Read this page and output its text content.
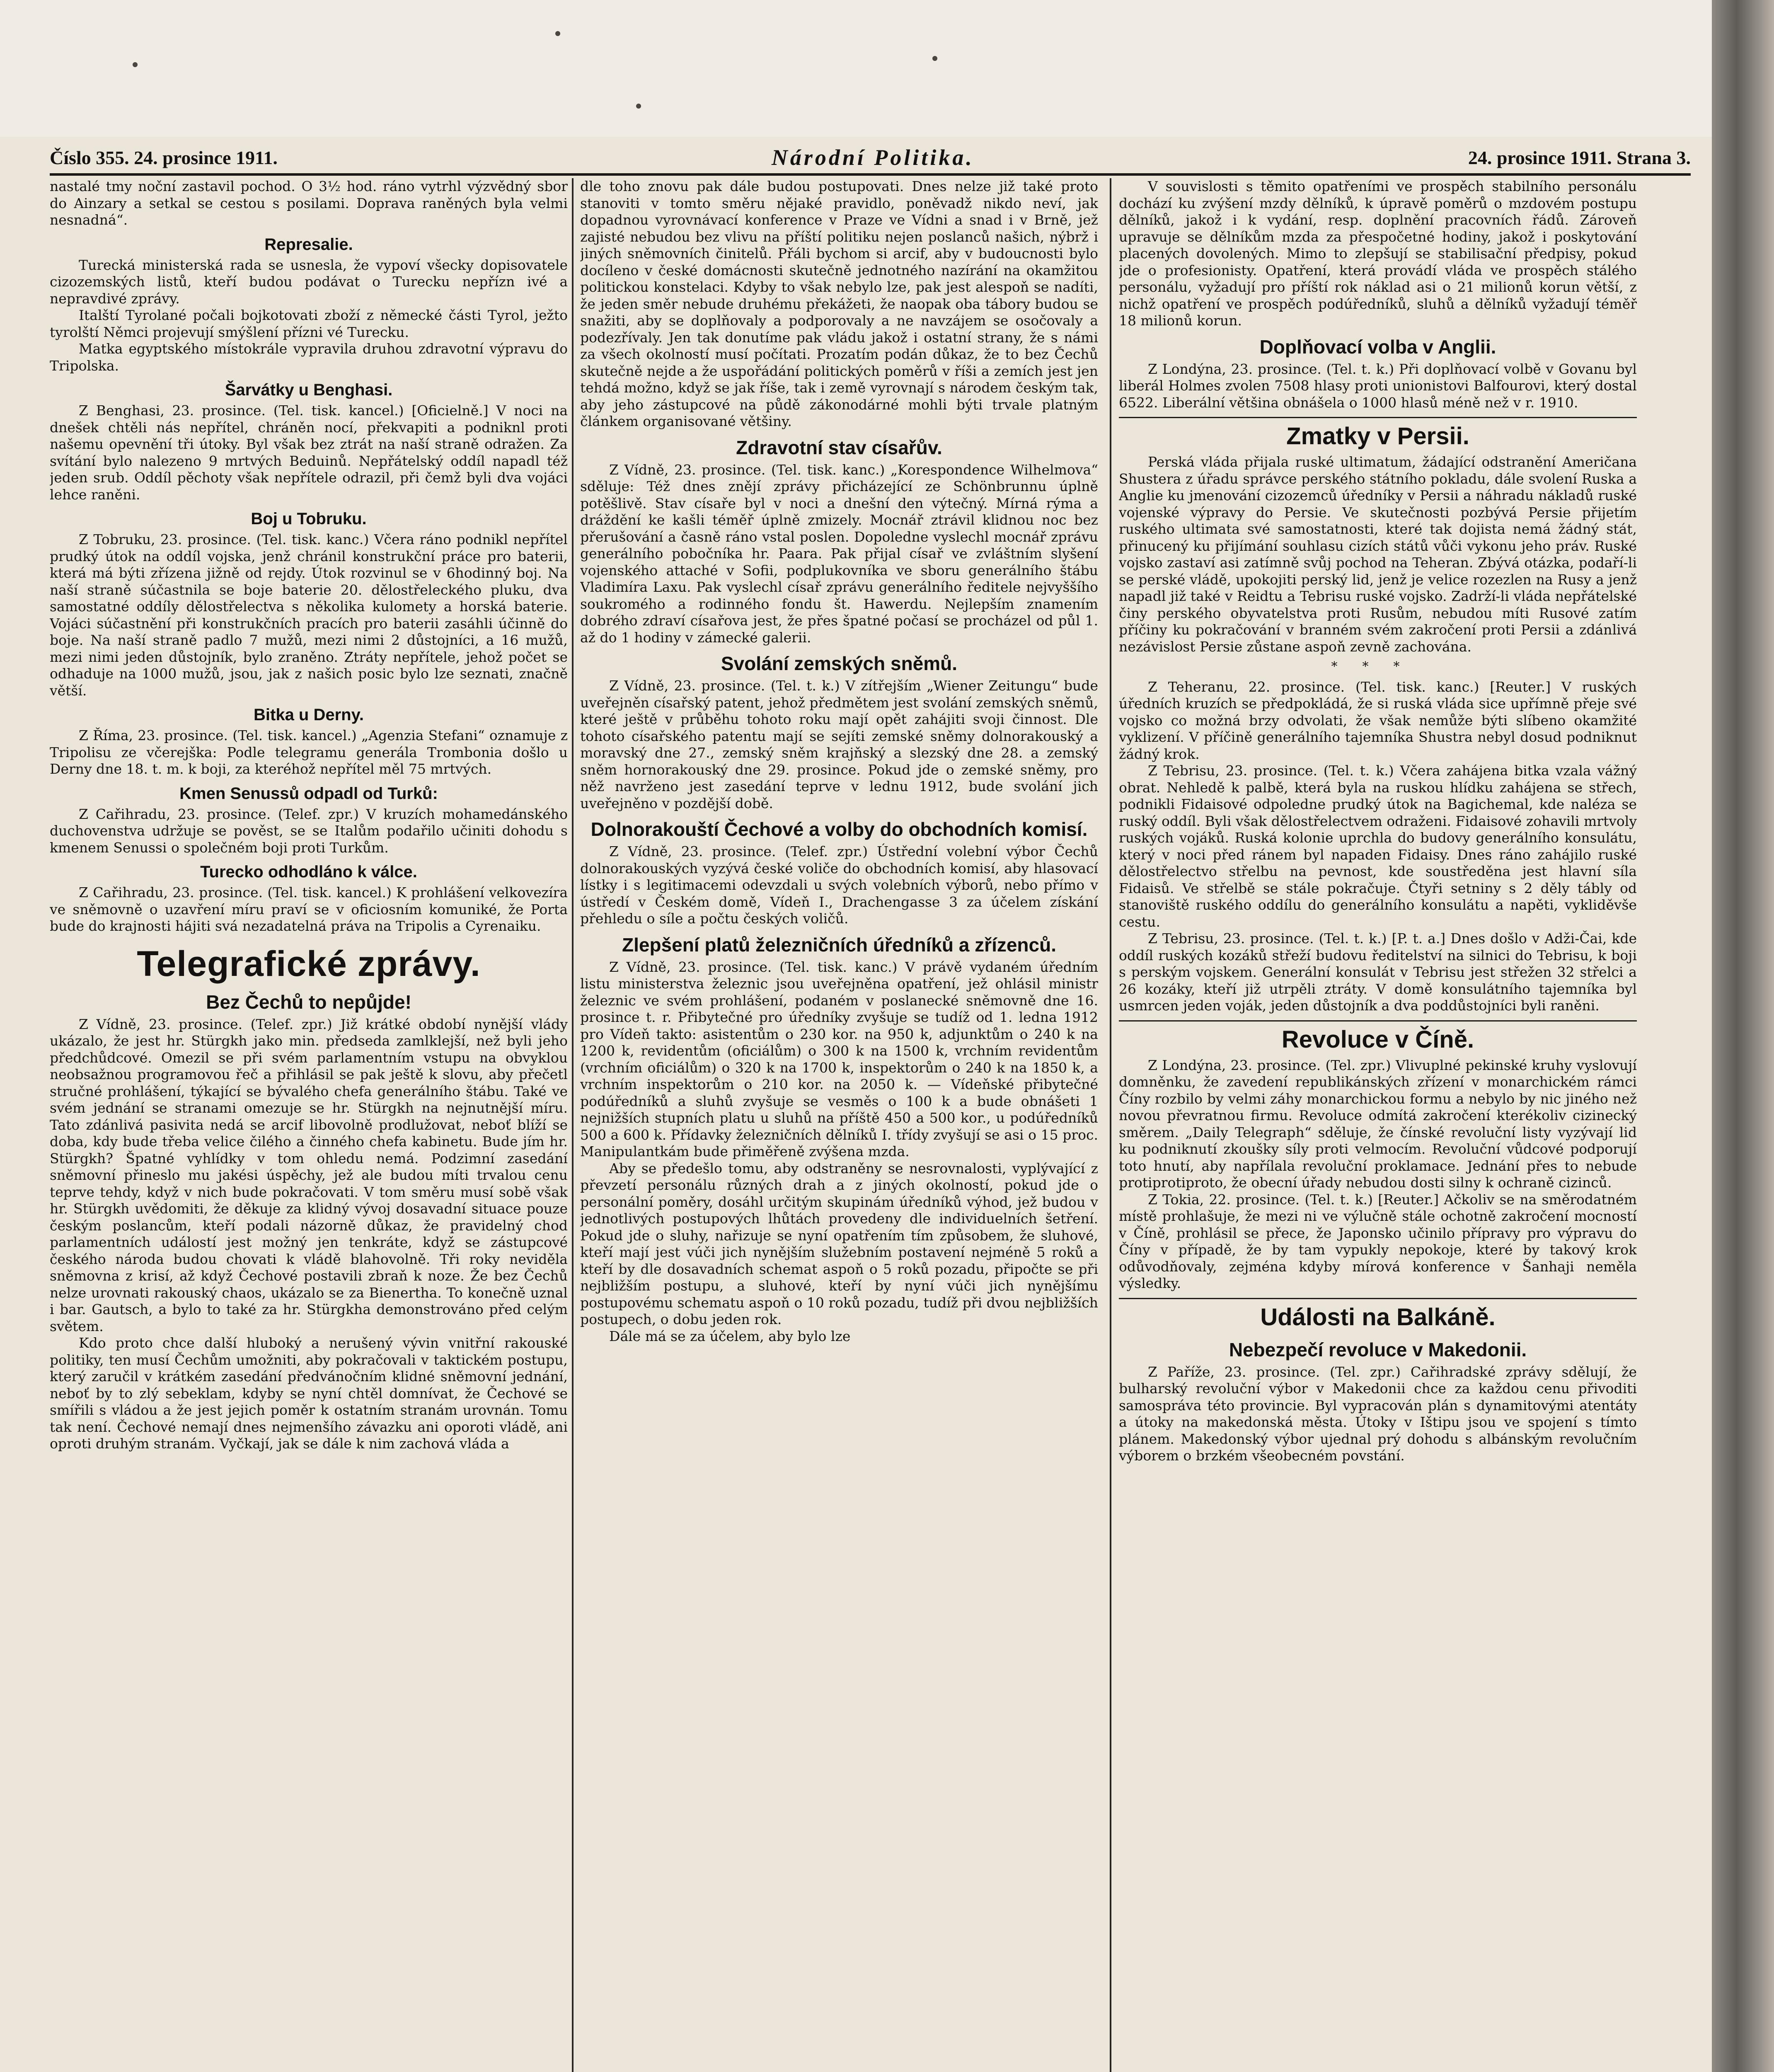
Číslo 355. 24. prosince 1911.	Národní Politika.	24. prosince 1911. Strana 3.

nastalé tmy noční zastavil pochod. O 3½ hod. ráno vytrhl výzvědný sbor do Ainzary a setkal se cestou s posilami. Doprava raněných byla velmi nesnadná“.

Represalie.

Turecká ministerská rada se usnesla, že vypoví všecky dopisovatele cizozemských listů, kteří budou podávat o Turecku nepřízn ivé a nepravdivé zprávy.

Italští Tyrolané počali bojkotovati zboží z německé části Tyrol, ježto tyrolští Němci projevují smýšlení přízni vé Turecku.

Matka egyptského místokrále vypravila druhou zdravotní výpravu do Tripolska.

Šarvátky u Benghasi.

Z Benghasi, 23. prosince. (Tel. tisk. kancel.) [Oficielně.] V noci na dnešek chtěli nás nepřítel, chráněn nocí, překvapiti a podniknl proti našemu opevnění tři útoky. Byl však bez ztrát na naší straně odražen. Za svítání bylo nalezeno 9 mrtvých Beduinů. Nepřátelský oddíl napadl též jeden srub. Oddíl pěchoty však nepřítele odrazil, při čemž byli dva vojáci lehce raněni.

Boj u Tobruku.

Z Tobruku, 23. prosince. (Tel. tisk. kanc.) Včera ráno podnikl nepřítel prudký útok na oddíl vojska, jenž chránil konstrukční práce pro baterii, která má býti zřízena jižně od rejdy. Útok rozvinul se v 6hodinný boj. Na naší straně súčastnila se boje baterie 20. dělostřeleckého pluku, dva samostatné oddíly dělostřelectva s několika kulomety a horská baterie. Vojáci súčastnění při konstrukčních pracích pro baterii zasáhli účinně do boje. Na naší straně padlo 7 mužů, mezi nimi 2 důstojníci, a 16 mužů, mezi nimi jeden důstojník, bylo zraněno. Ztráty nepřítele, jehož počet se odhaduje na 1000 mužů, jsou, jak z našich posic bylo lze seznati, značně větší.

Bitka u Derny.

Z Říma, 23. prosince. (Tel. tisk. kancel.) „Agenzia Stefani“ oznamuje z Tripolisu ze včerejška: Podle telegramu generála Trombonia došlo u Derny dne 18. t. m. k boji, za kteréhož nepřítel měl 75 mrtvých.

Kmen Senussů odpadl od Turků:

Z Cařihradu, 23. prosince. (Telef. zpr.) V kruzích mohamedánského duchovenstva udržuje se pověst, se se Italům podařilo učiniti dohodu s kmenem Senussi o společném boji proti Turkům.

Turecko odhodláno k válce.

Z Cařihradu, 23. prosince. (Tel. tisk. kancel.) K prohlášení velkovezíra ve sněmovně o uzavření míru praví se v oficiosním komuniké, že Porta bude do krajnosti hájiti svá nezadatelná práva na Tripolis a Cyrenaiku.

Telegrafické zprávy.
Bez Čechů to nepůjde!

Z Vídně, 23. prosince. (Telef. zpr.) Již krátké období nynější vlády ukázalo, že jest hr. Stürgkh jako min. předseda zamlklejší, než byli jeho předchůdcové. Omezil se při svém parlamentním vstupu na obvyklou neobsažnou programovou řeč a přihlásil se pak ještě k slovu, aby přečetl stručné prohlášení, týkající se bývalého chefa generálního štábu. Také ve svém jednání se stranami omezuje se hr. Stürgkh na nejnutnější míru. Tato zdánlivá pasivita nedá se arcif libovolně prodlužovat, neboť blíží se doba, kdy bude třeba velice čilého a činného chefa kabinetu. Bude jím hr. Stürgkh? Špatné vyhlídky v tom ohledu nemá. Podzimní zasedání sněmovní přineslo mu jakési úspěchy, jež ale budou míti trvalou cenu teprve tehdy, když v nich bude pokračovati. V tom směru musí sobě však hr. Stürgkh uvědomiti, že děkuje za klidný vývoj dosavadní situace pouze českým poslancům, kteří podali názorně důkaz, že pravidelný chod parlamentních událostí jest možný jen tenkráte, když se zástupcové českého národa budou chovati k vládě blahovolně. Tři roky neviděla sněmovna z krisí, až když Čechové postavili zbraň k noze. Že bez Čechů nelze urovnati rakouský chaos, ukázalo se za Bienertha. To konečně uznal i bar. Gautsch, a bylo to také za hr. Stürgkha demonstrováno před celým světem.

Kdo proto chce další hluboký a nerušený vývin vnitřní rakouské politiky, ten musí Čechům umožniti, aby pokračovali v taktickém postupu, který zaručil v krátkém zasedání předvánočním klidné sněmovní jednání, neboť by to zlý sebeklam, kdyby se nyní chtěl domnívat, že Čechové se smířili s vládou a že jest jejich poměr k ostatním stranám urovnán. Tomu tak není. Čechové nemají dnes nejmenšího závazku ani oporoti vládě, ani oproti druhým stranám. Vyčkají, jak se dále k nim zachová vláda a

dle toho znovu pak dále budou postupovati. Dnes nelze již také proto stanoviti v tomto směru nějaké pravidlo, poněvadž nikdo neví, jak dopadnou vyrovnávací konference v Praze ve Vídni a snad i v Brně, jež zajisté nebudou bez vlivu na příští politiku nejen poslanců našich, nýbrž i jiných sněmovních činitelů. Přáli bychom si arcif, aby v budoucnosti bylo docíleno v české domácnosti skutečně jednotného nazírání na okamžitou politickou konstelaci. Kdyby to však nebylo lze, pak jest alespoň se nadíti, že jeden směr nebude druhému překážeti, že naopak oba tábory budou se snažiti, aby se doplňovaly a podporovaly a ne navzájem se osočovaly a podezřívaly. Jen tak donutíme pak vládu jakož i ostatní strany, že s námi za všech okolností musí počítati. Prozatím podán důkaz, že to bez Čechů skutečně nejde a že uspořádání politických poměrů v říši a zemích jest jen tehdá možno, když se jak říše, tak i země vyrovnají s národem českým tak, aby jeho zástupcové na půdě zákonodárné mohli býti trvale platným článkem organisované většiny.

Zdravotní stav císařův.

Z Vídně, 23. prosince. (Tel. tisk. kanc.) „Korespondence Wilhelmova“ sděluje: Též dnes znějí zprávy přicházející ze Schönbrunnu úplně potěšlivě. Stav císaře byl v noci a dnešní den výtečný. Mírná rýma a dráždění ke kašli téměř úplně zmizely. Mocnář ztrávil klidnou noc bez přerušování a časně ráno vstal poslen. Dopoledne vyslechl mocnář zprávu generálního pobočníka hr. Paara. Pak přijal císař ve zvláštním slyšení vojenského attaché v Sofii, podplukovníka ve sboru generálního štábu Vladimíra Laxu. Pak vyslechl císař zprávu generálního ředitele nejvyššího soukromého a rodinného fondu št. Hawerdu. Nejlepším znamením dobrého zdraví císařova jest, že přes špatné počasí se procházel od půl 1. až do 1 hodiny v zámecké galerii.

Svolání zemských sněmů.

Z Vídně, 23. prosince. (Tel. t. k.) V zítřejším „Wiener Zeitungu“ bude uveřejněn císařský patent, jehož předmětem jest svolání zemských sněmů, které ještě v průběhu tohoto roku mají opět zahájiti svoji činnost. Dle tohoto císařského patentu mají se sejíti zemské sněmy dolnorakouský a moravský dne 27., zemský sněm krajňský a slezský dne 28. a zemský sněm hornorakouský dne 29. prosince. Pokud jde o zemské sněmy, pro něž navrženo jest zasedání teprve v lednu 1912, bude svolání jich uveřejněno v pozdější době.

Dolnorakouští Čechové a volby do obchodních komisí.

Z Vídně, 23. prosince. (Telef. zpr.) Ústřední volební výbor Čechů dolnorakouských vyzývá české voliče do obchodních komisí, aby hlasovací lístky i s legitimacemi odevzdali u svých volebních výborů, nebo přímo v ústředí v Českém domě, Vídeň I., Drachengasse 3 za účelem získání přehledu o síle a počtu českých voličů.

Zlepšení platů železničních úředníků a zřízenců.

Z Vídně, 23. prosince. (Tel. tisk. kanc.) V právě vydaném úředním listu ministerstva železnic jsou uveřejněna opatření, jež ohlásil ministr železnic ve svém prohlášení, podaném v poslanecké sněmovně dne 16. prosince t. r. Přibytečné pro úředníky zvyšuje se tudíž od 1. ledna 1912 pro Vídeň takto: asistentům o 230 kor. na 950 k, adjunktům o 240 k na 1200 k, revidentům (oficiálům) o 300 k na 1500 k, vrchním revidentům (vrchním oficiálům) o 320 k na 1700 k, inspektorům o 240 k na 1850 k, a vrchním inspektorům o 210 kor. na 2050 k. — Vídeňské přibytečné podúředníků a sluhů zvyšuje se vesměs o 100 k a bude obnášeti 1 nejnižších stupních platu u sluhů na příště 450 a 500 kor., u podúředníků 500 a 600 k. Přídavky železničních dělníků I. třídy zvyšují se asi o 15 proc. Manipulantkám bude přiměřeně zvýšena mzda.

Aby se předešlo tomu, aby odstraněny se nesrovnalosti, vyplývající z převzetí personálu různých drah a z jiných okolností, pokud jde o personální poměry, dosáhl určitým skupinám úředníků výhod, jež budou v jednotlivých postupových lhůtách provedeny dle individuelních šetření. Pokud jde o sluhy, nařizuje se nyní opatřením tím způsobem, že sluhové, kteří mají jest vúči jich nynějším služebním postavení nejméně 5 roků a kteří by dle dosavadních schemat aspoň o 5 roků pozadu, připočte se při nejbližším postupu, a sluhové, kteří by nyní vúči jich nynějšímu postupovému schematu aspoň o 10 roků pozadu, tudíž při dvou nejbližších postupech, o dobu jeden rok.

Dále má se za účelem, aby bylo lze

V souvislosti s těmito opatřeními ve prospěch stabilního personálu dochází ku zvýšení mzdy dělníků, k úpravě poměrů o mzdovém postupu dělníků, jakož i k vydání, resp. doplnění pracovních řádů. Zároveň upravuje se dělníkům mzda za přespočetné hodiny, jakož i poskytování placených dovolených. Mimo to zlepšují se stabilisační předpisy, pokud jde o profesionisty. Opatření, která provádí vláda ve prospěch stálého personálu, vyžadují pro příští rok náklad asi o 21 milionů korun větší, z nichž opatření ve prospěch podúředníků, sluhů a dělníků vyžadují téměř 18 milionů korun.

Doplňovací volba v Anglii.

Z Londýna, 23. prosince. (Tel. t. k.) Při doplňovací volbě v Govanu byl liberál Holmes zvolen 7508 hlasy proti unionistovi Balfourovi, který dostal 6522. Liberální většina obnášela o 1000 hlasů méně než v r. 1910.

Zmatky v Persii.

Perská vláda přijala ruské ultimatum, žádající odstranění Američana Shustera z úřadu správce perského státního pokladu, dále svolení Ruska a Anglie ku jmenování cizozemců úředníky v Persii a náhradu nákladů ruské vojenské výpravy do Persie. Ve skutečnosti pozbývá Persie přijetím ruského ultimata své samostatnosti, které tak dojista nemá žádný stát, přinucený ku přijímání souhlasu cizích států vůči vykonu jeho práv. Ruské vojsko zastaví asi zatímně svůj pochod na Teheran. Zbývá otázka, podaří-li se perské vládě, upokojiti perský lid, jenž je velice rozezlen na Rusy a jenž napadl již také v Reidtu a Tebrisu ruské vojsko. Zadrží-li vláda nepřátelské činy perského obyvatelstva proti Rusům, nebudou míti Rusové zatím příčiny ku pokračování v branném svém zakročení proti Persii a zdánlivá nezávislost Persie zůstane aspoň zevně zachována.

***

Z Teheranu, 22. prosince. (Tel. tisk. kanc.) [Reuter.] V ruských úředních kruzích se předpokládá, že si ruská vláda sice upřímně přeje své vojsko co možná brzy odvolati, že však nemůže býti slíbeno okamžité vyklizení. V příčině generálního tajemníka Shustra nebyl dosud podniknut žádný krok.

Z Tebrisu, 23. prosince. (Tel. t. k.) Včera zahájena bitka vzala vážný obrat. Nehledě k palbě, která byla na ruskou hlídku zahájena se střech, podnikli Fidaisové odpoledne prudký útok na Bagichemal, kde naléza se ruský oddíl. Byli však dělostřelectvem odraženi. Fidaisové zohavili mrtvoly ruských vojáků. Ruská kolonie uprchla do budovy generálního konsulátu, který v noci před ránem byl napaden Fidaisy. Dnes ráno zahájilo ruské dělostřelectvo střelbu na pevnost, kde soustředěna jest hlavní síla Fidaisů. Ve střelbě se stále pokračuje. Čtyři setniny s 2 děly tábly od stanoviště ruského oddílu do generálního konsulátu a napěti, vykliděvše cestu.

Z Tebrisu, 23. prosince. (Tel. t. k.) [P. t. a.] Dnes došlo v Adži-Čai, kde oddíl ruských kozáků střeží budovu ředitelství na silnici do Tebrisu, k boji s perským vojskem. Generální konsulát v Tebrisu jest střežen 32 střelci a 26 kozáky, kteří již utrpěli ztráty. V domě konsulátního tajemníka byl usmrcen jeden voják, jeden důstojník a dva poddůstojníci byli raněni.

Revoluce v Číně.

Z Londýna, 23. prosince. (Tel. zpr.) Vlivuplné pekinské kruhy vyslovují domněnku, že zavedení republikánských zřízení v monarchickém rámci Číny rozbilo by velmi záhy monarchickou formu a nebylo by nic jiného než novou převratnou firmu. Revoluce odmítá zakročení kterékoliv cizinecký směrem. „Daily Telegraph“ sděluje, že čínské revoluční listy vyzývají lid ku podniknutí zkoušky síly proti velmocím. Revoluční vůdcové podporují toto hnutí, aby napřílala revoluční proklamace. Jednání přes to nebude protiprotiproto, že obecní úřady nebudou dosti silny k ochraně cizinců.

Z Tokia, 22. prosince. (Tel. t. k.) [Reuter.] Ačkoliv se na směrodatném místě prohlašuje, že mezi ni ve výlučně stále ochotně zakročení mocností v Číně, prohlásil se přece, že Japonsko učinilo přípravy pro výpravu do Číny v případě, že by tam vypukly nepokoje, které by takový krok odůvodňovaly, zejména kdyby mírová konference v Šanhaji neměla výsledky.

Události na Balkáně.
Nebezpečí revoluce v Makedonii.

Z Paříže, 23. prosince. (Tel. zpr.) Cařihradské zprávy sdělují, že bulharský revoluční výbor v Makedonii chce za každou cenu přivoditi samospráva této provincie. Byl vypracován plán s dynamitovými atentáty a útoky na makedonská města. Útoky v Ištipu jsou ve spojení s tímto plánem. Makedonský výbor ujednal prý dohodu s albánským revolučním výborem o brzkém všeobecném povstání.
